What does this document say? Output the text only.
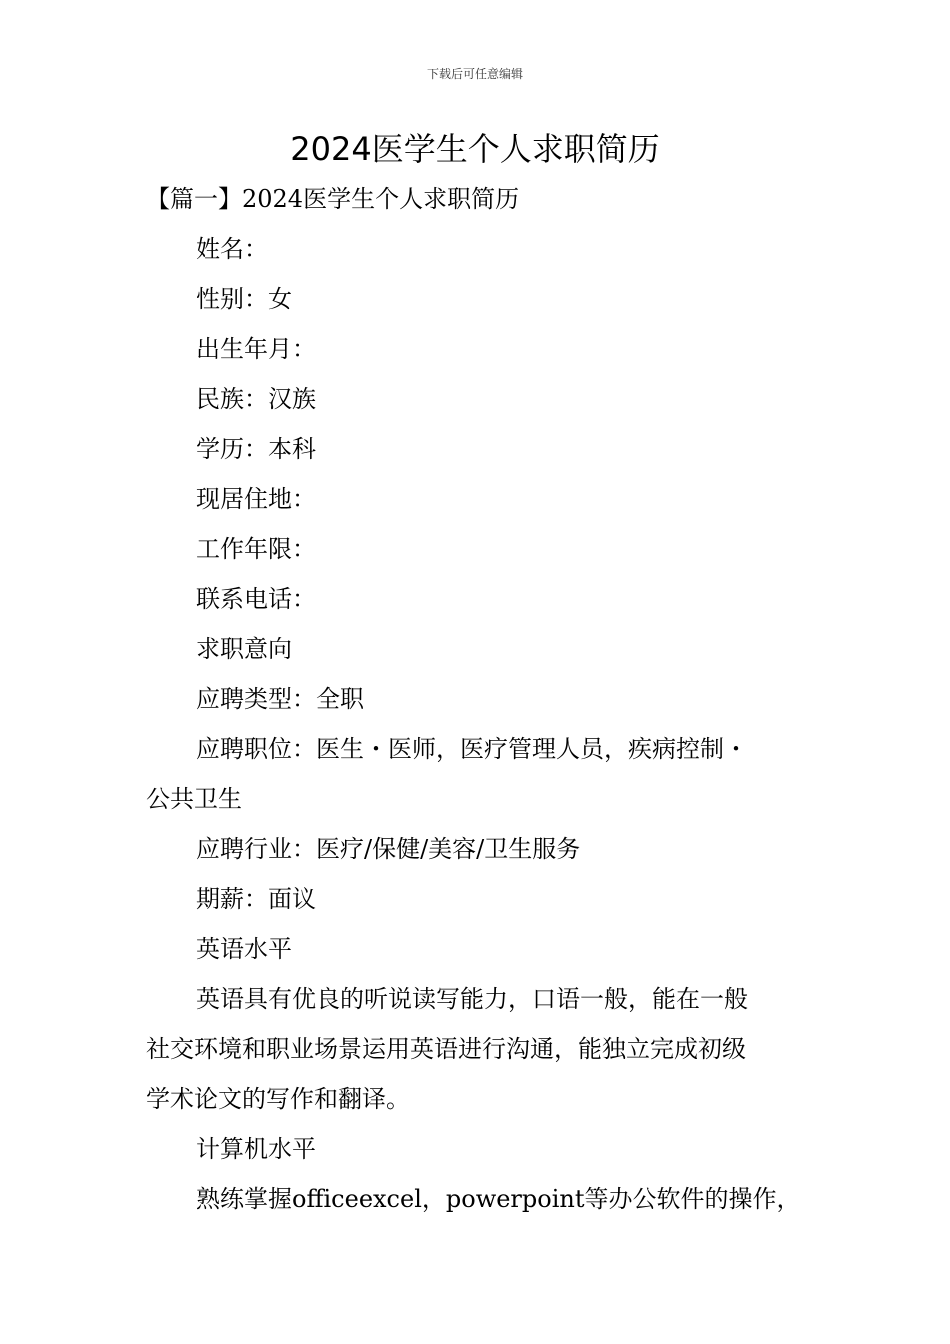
下载后可任意编辑
2024医学生个人求职简历

【篇一】2024医学生个人求职简历

姓名：

性别：女

出生年月：

民族：汉族

学历：本科

现居住地：

工作年限：

联系电话：

求职意向

应聘类型：全职

应聘职位：医生・医师，医疗管理人员，疾病控制・

公共卫生

应聘行业：医疗/保健/美容/卫生服务

期薪：面议

英语水平

英语具有优良的听说读写能力，口语一般，能在一般

社交环境和职业场景运用英语进行沟通，能独立完成初级

学术论文的写作和翻译。

计算机水平

熟练掌握officeexcel，powerpoint等办公软件的操作，
